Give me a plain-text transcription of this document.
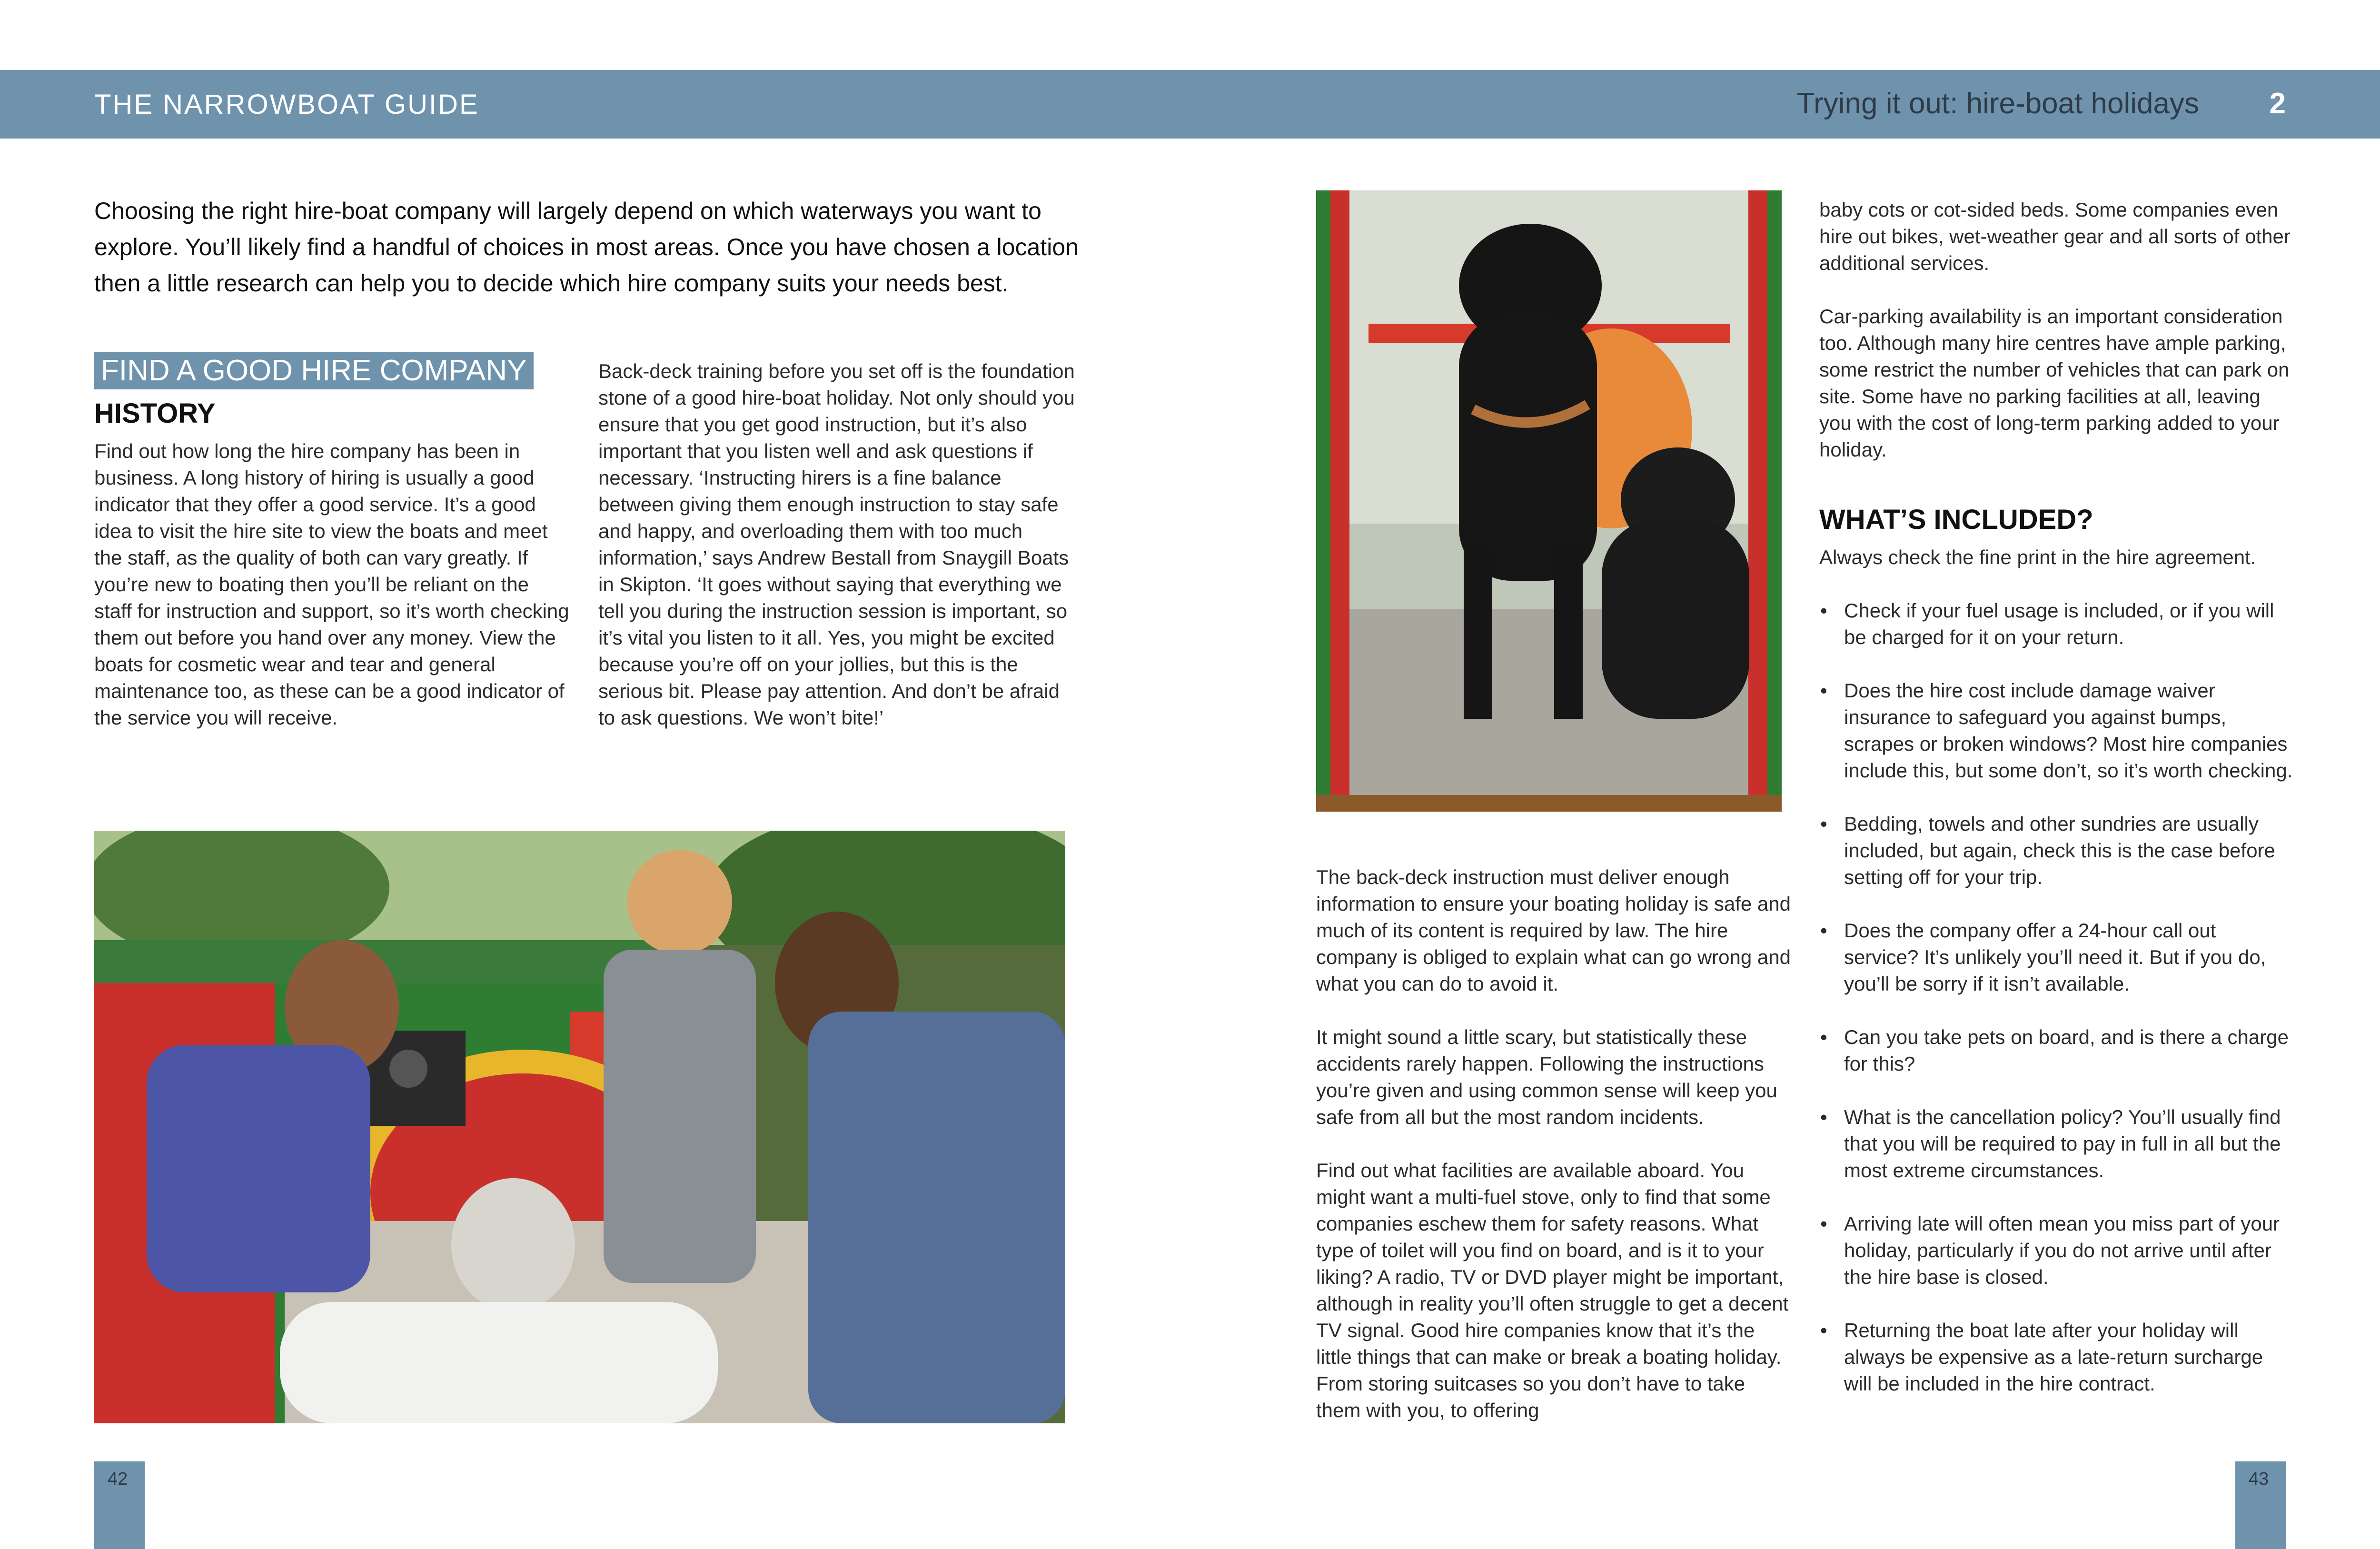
THE NARROWBOAT GUIDE	Trying it out: hire-boat holidays 2
Choosing the right hire-boat company will largely depend on which waterways you want to explore. You’ll likely find a handful of choices in most areas. Once you have chosen a location then a little research can help you to decide which hire company suits your needs best.
FIND A GOOD HIRE COMPANY
HISTORY

Find out how long the hire company has been in business. A long history of hiring is usually a good indicator that they offer a good service. It’s a good idea to visit the hire site to view the boats and meet the staff, as the quality of both can vary greatly. If you’re new to boating then you’ll be reliant on the staff for instruction and support, so it’s worth checking them out before you hand over any money. View the boats for cosmetic wear and tear and general maintenance too, as these can be a good indicator of the service you will receive.

Back-deck training before you set off is the foundation stone of a good hire-boat holiday. Not only should you ensure that you get good instruction, but it’s also important that you listen well and ask questions if necessary. ‘Instructing hirers is a fine balance between giving them enough instruction to stay safe and happy, and overloading them with too much information,’ says Andrew Bestall from Snaygill Boats in Skipton. ‘It goes without saying that everything we tell you during the instruction session is important, so it’s vital you listen to it all. Yes, you might be excited because you’re off on your jollies, but this is the serious bit. Please pay attention. And don’t be afraid to ask questions. We won’t bite!’

The back-deck instruction must deliver enough information to ensure your boating holiday is safe and much of its content is required by law. The hire company is obliged to explain what can go wrong and what you can do to avoid it.

It might sound a little scary, but statistically these accidents rarely happen. Following the instructions you’re given and using common sense will keep you safe from all but the most random incidents.

Find out what facilities are available aboard. You might want a multi-fuel stove, only to find that some companies eschew them for safety reasons. What type of toilet will you find on board, and is it to your liking? A radio, TV or DVD player might be important, although in reality you’ll often struggle to get a decent TV signal. Good hire companies know that it’s the little things that can make or break a boating holiday. From storing suitcases so you don’t have to take them with you, to offering

baby cots or cot-sided beds. Some companies even hire out bikes, wet-weather gear and all sorts of other additional services.

Car-parking availability is an important consideration too. Although many hire centres have ample parking, some restrict the number of vehicles that can park on site. Some have no parking facilities at all, leaving you with the cost of long-term parking added to your holiday.

WHAT’S INCLUDED?
Always check the fine print in the hire agreement.
• Check if your fuel usage is included, or if you will be charged for it on your return.
• Does the hire cost include damage waiver insurance to safeguard you against bumps, scrapes or broken windows? Most hire companies include this, but some don’t, so it’s worth checking.
• Bedding, towels and other sundries are usually included, but again, check this is the case before setting off for your trip.
• Does the company offer a 24-hour call out service? It’s unlikely you’ll need it. But if you do, you’ll be sorry if it isn’t available.
• Can you take pets on board, and is there a charge for this?
• What is the cancellation policy? You’ll usually find that you will be required to pay in full in all but the most extreme circumstances.
• Arriving late will often mean you miss part of your holiday, particularly if you do not arrive until after the hire base is closed.
• Returning the boat late after your holiday will always be expensive as a late-return surcharge will be included in the hire contract.
42	43
